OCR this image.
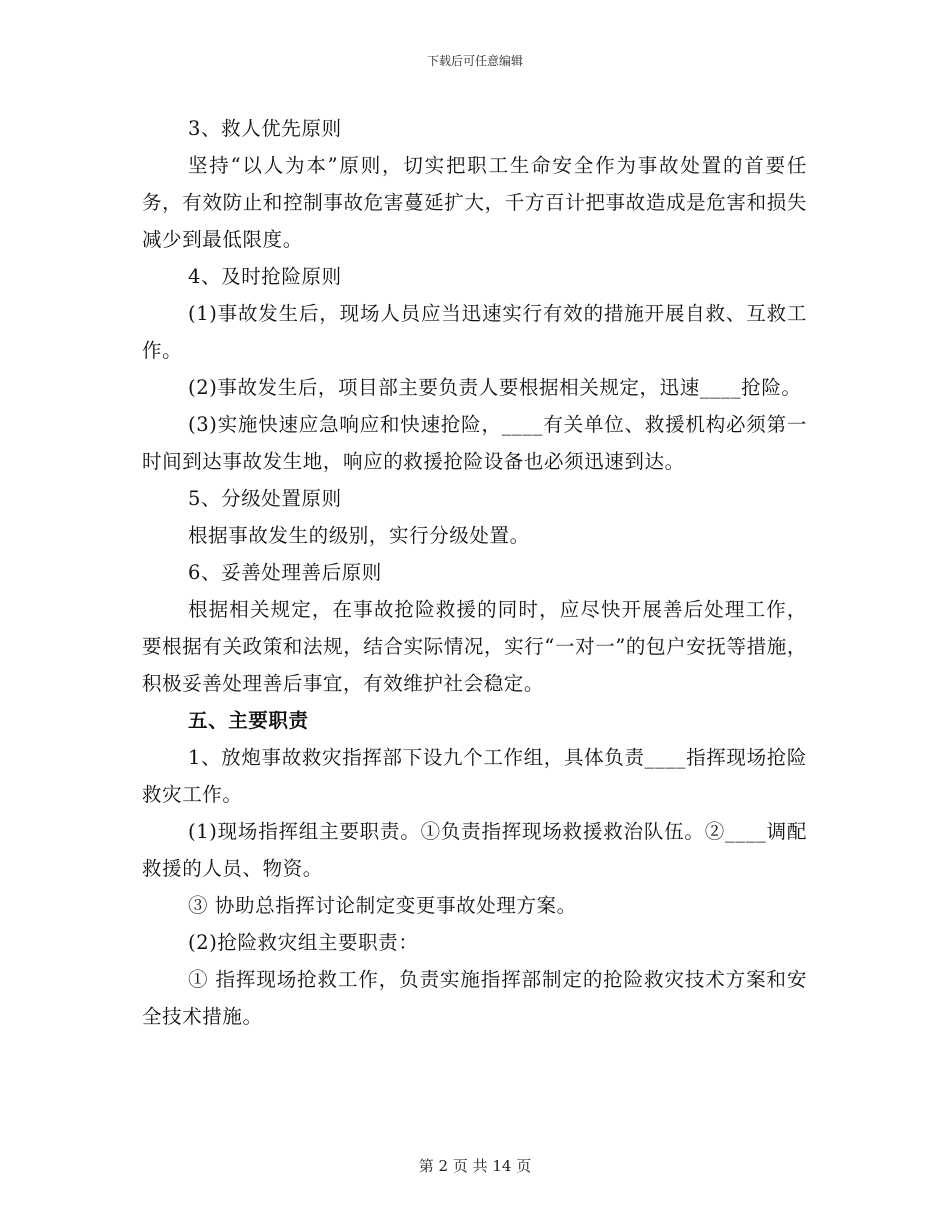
下载后可任意编辑

3、救人优先原则

坚持“以人为本”原则，切实把职工生命安全作为事故处置的首要任务，有效防止和控制事故危害蔓延扩大，千方百计把事故造成是危害和损失减少到最低限度。

4、及时抢险原则

(1)事故发生后，现场人员应当迅速实行有效的措施开展自救、互救工作。

(2)事故发生后，项目部主要负责人要根据相关规定，迅速____抢险。

(3)实施快速应急响应和快速抢险，____有关单位、救援机构必须第一时间到达事故发生地，响应的救援抢险设备也必须迅速到达。

5、分级处置原则

根据事故发生的级别，实行分级处置。

6、妥善处理善后原则

根据相关规定，在事故抢险救援的同时，应尽快开展善后处理工作，要根据有关政策和法规，结合实际情况，实行“一对一”的包户安抚等措施，积极妥善处理善后事宜，有效维护社会稳定。

五、主要职责

1、放炮事故救灾指挥部下设九个工作组，具体负责____指挥现场抢险救灾工作。

(1)现场指挥组主要职责。①负责指挥现场救援救治队伍。②____调配救援的人员、物资。

③ 协助总指挥讨论制定变更事故处理方案。

(2)抢险救灾组主要职责：

① 指挥现场抢救工作，负责实施指挥部制定的抢险救灾技术方案和安全技术措施。

第 2 页 共 14 页
